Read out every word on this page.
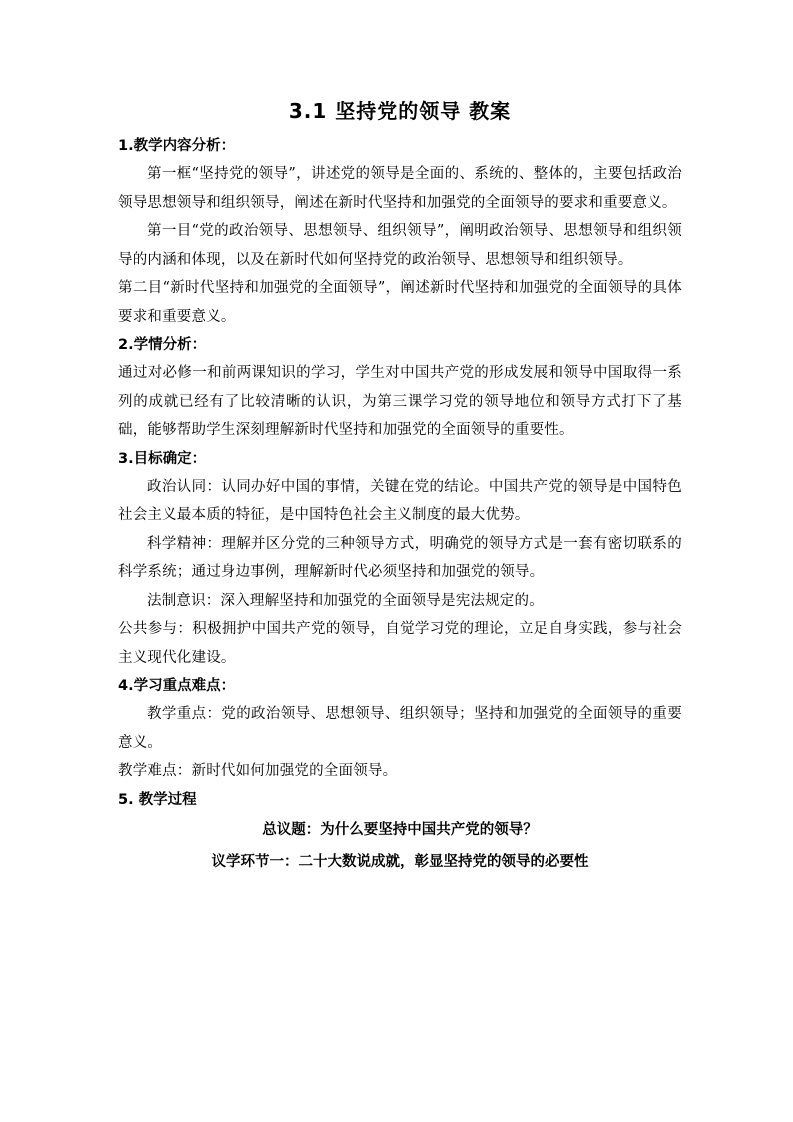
3.1 坚持党的领导 教案

1.教学内容分析：

第一框“坚持党的领导”，讲述党的领导是全面的、系统的、整体的，主要包括政治领导思想领导和组织领导，阐述在新时代坚持和加强党的全面领导的要求和重要意义。

第一目“党的政治领导、思想领导、组织领导”，阐明政治领导、思想领导和组织领导的内涵和体现，以及在新时代如何坚持党的政治领导、思想领导和组织领导。

第二目“新时代坚持和加强党的全面领导”，阐述新时代坚持和加强党的全面领导的具体要求和重要意义。

2.学情分析：

通过对必修一和前两课知识的学习，学生对中国共产党的形成发展和领导中国取得一系列的成就已经有了比较清晰的认识，为第三课学习党的领导地位和领导方式打下了基础，能够帮助学生深刻理解新时代坚持和加强党的全面领导的重要性。

3.目标确定：

政治认同：认同办好中国的事情，关键在党的结论。中国共产党的领导是中国特色社会主义最本质的特征，是中国特色社会主义制度的最大优势。

科学精神：理解并区分党的三种领导方式，明确党的领导方式是一套有密切联系的科学系统；通过身边事例，理解新时代必须坚持和加强党的领导。

法制意识：深入理解坚持和加强党的全面领导是宪法规定的。

公共参与：积极拥护中国共产党的领导，自觉学习党的理论，立足自身实践，参与社会主义现代化建设。

4.学习重点难点：

教学重点：党的政治领导、思想领导、组织领导；坚持和加强党的全面领导的重要意义。

教学难点：新时代如何加强党的全面领导。

5. 教学过程

总议题：为什么要坚持中国共产党的领导？

议学环节一：二十大数说成就，彰显坚持党的领导的必要性
